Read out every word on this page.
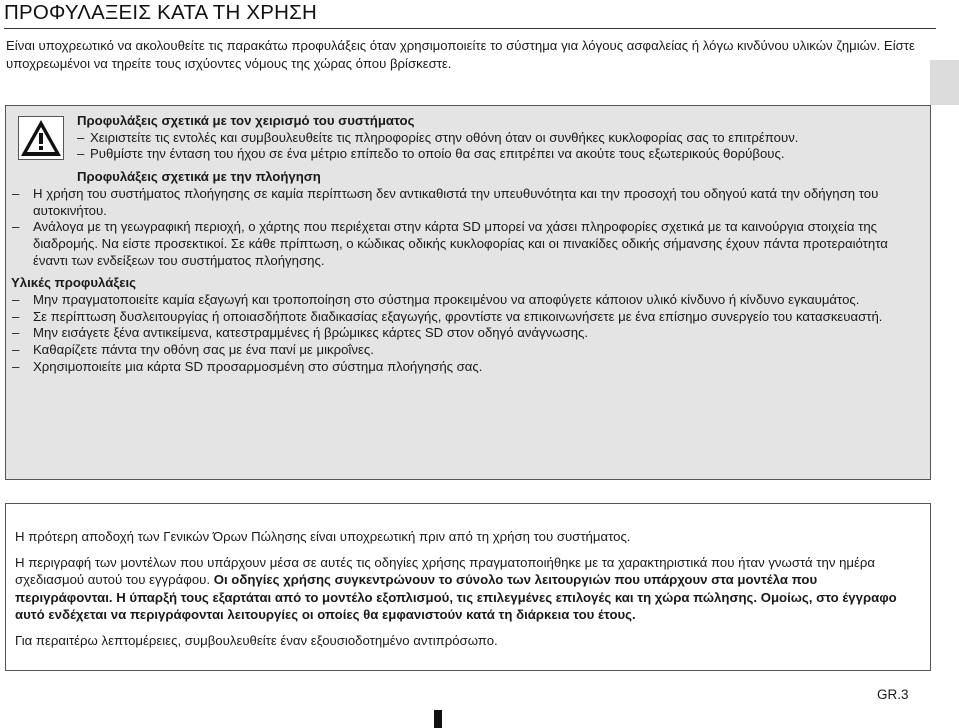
ΠΡΟΦΥΛΑΞΕΙΣ ΚΑΤΑ ΤΗ ΧΡΗΣΗ

Είναι υποχρεωτικό να ακολουθείτε τις παρακάτω προφυλάξεις όταν χρησιμοποιείτε το σύστημα για λόγους ασφαλείας ή λόγω κινδύνου υλικών ζημιών. Είστε υποχρεωμένοι να τηρείτε τους ισχύοντες νόμους της χώρας όπου βρίσκεστε.

Προφυλάξεις σχετικά με τον χειρισμό του συστήματος
– Χειριστείτε τις εντολές και συμβουλευθείτε τις πληροφορίες στην οθόνη όταν οι συνθήκες κυκλοφορίας σας το επιτρέπουν.
– Ρυθμίστε την ένταση του ήχου σε ένα μέτριο επίπεδο το οποίο θα σας επιτρέπει να ακούτε τους εξωτερικούς θορύβους.
Προφυλάξεις σχετικά με την πλοήγηση
– Η χρήση του συστήματος πλοήγησης σε καμία περίπτωση δεν αντικαθιστά την υπευθυνότητα και την προσοχή του οδηγού κατά την οδήγηση του αυτοκινήτου.
– Ανάλογα με τη γεωγραφική περιοχή, ο χάρτης που περιέχεται στην κάρτα SD μπορεί να χάσει πληροφορίες σχετικά με τα καινούργια στοιχεία της διαδρομής. Να είστε προσεκτικοί. Σε κάθε πρίπτωση, ο κώδικας οδικής κυκλοφορίας και οι πινακίδες οδικής σήμανσης έχουν πάντα προτεραιότητα έναντι των ενδείξεων του συστήματος πλοήγησης.
Υλικές προφυλάξεις
– Μην πραγματοποιείτε καμία εξαγωγή και τροποποίηση στο σύστημα προκειμένου να αποφύγετε κάποιον υλικό κίνδυνο ή κίνδυνο εγκαυμάτος.
– Σε περίπτωση δυσλειτουργίας ή οποιασδήποτε διαδικασίας εξαγωγής, φροντίστε να επικοινωνήσετε με ένα επίσημο συνεργείο του κατασκευαστή.
– Μην εισάγετε ξένα αντικείμενα, κατεστραμμένες ή βρώμικες κάρτες SD στον οδηγό ανάγνωσης.
– Καθαρίζετε πάντα την οθόνη σας με ένα πανί με μικροΐνες.
– Χρησιμοποιείτε μια κάρτα SD προσαρμοσμένη στο σύστημα πλοήγησής σας.

Η πρότερη αποδοχή των Γενικών Όρων Πώλησης είναι υποχρεωτική πριν από τη χρήση του συστήματος.

Η περιγραφή των μοντέλων που υπάρχουν μέσα σε αυτές τις οδηγίες χρήσης πραγματοποιήθηκε με τα χαρακτηριστικά που ήταν γνωστά την ημέρα σχεδιασμού αυτού του εγγράφου. Οι οδηγίες χρήσης συγκεντρώνουν το σύνολο των λειτουργιών που υπάρχουν στα μοντέλα που περιγράφονται. Η ύπαρξή τους εξαρτάται από το μοντέλο εξοπλισμού, τις επιλεγμένες επιλογές και τη χώρα πώλησης. Ομοίως, στο έγγραφο αυτό ενδέχεται να περιγράφονται λειτουργίες οι οποίες θα εμφανιστούν κατά τη διάρκεια του έτους.

Για περαιτέρω λεπτομέρειες, συμβουλευθείτε έναν εξουσιοδοτημένο αντιπρόσωπο.

GR.3
